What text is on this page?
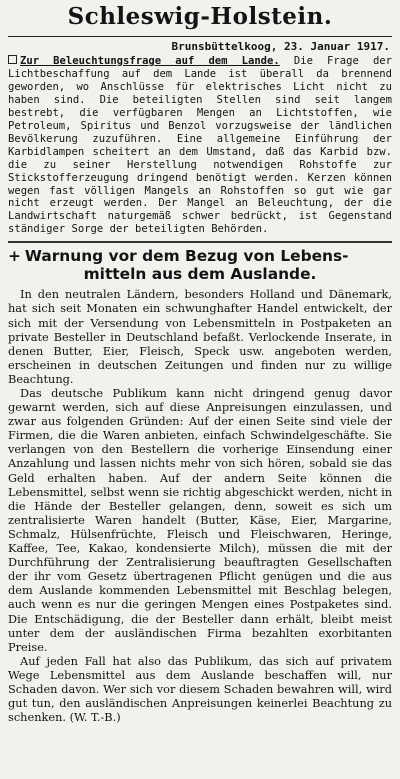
Schleswig-Holstein.
Brunsbüttelkoog, 23. Januar 1917.
Zur Beleuchtungsfrage auf dem Lande. Die Frage der Lichtbeschaffung auf dem Lande ist überall da brennend geworden, wo Anschlüsse für elektrisches Licht nicht zu haben sind. Die beteiligten Stellen sind seit langem bestrebt, die verfügbaren Mengen an Lichtstoffen, wie Petroleum, Spiritus und Benzol vorzugsweise der ländlichen Bevölkerung zuzuführen. Eine allgemeine Einführung der Karbidlampen scheitert an dem Umstand, daß das Karbid bzw. die zu seiner Herstellung notwendigen Rohstoffe zur Stickstofferzeugung dringend benötigt werden. Kerzen können wegen fast völligen Mangels an Rohstoffen so gut wie gar nicht erzeugt werden. Der Mangel an Beleuchtung, der die Landwirtschaft naturgemäß schwer bedrückt, ist Gegenstand ständiger Sorge der beteiligten Behörden.
+ Warnung vor dem Bezug von Lebens-
mitteln aus dem Auslande.

In den neutralen Ländern, besonders Holland und Dänemark, hat sich seit Monaten ein schwunghafter Handel entwickelt, der sich mit der Versendung von Lebensmitteln in Postpaketen an private Besteller in Deutschland befaßt. Verlockende Inserate, in denen Butter, Eier, Fleisch, Speck usw. angeboten werden, erscheinen in deutschen Zeitungen und finden nur zu willige Beachtung.

Das deutsche Publikum kann nicht dringend genug davor gewarnt werden, sich auf diese Anpreisungen einzulassen, und zwar aus folgenden Gründen: Auf der einen Seite sind viele der Firmen, die die Waren anbieten, einfach Schwindelgeschäfte. Sie verlangen von den Bestellern die vorherige Einsendung einer Anzahlung und lassen nichts mehr von sich hören, sobald sie das Geld erhalten haben. Auf der andern Seite können die Lebensmittel, selbst wenn sie richtig abgeschickt werden, nicht in die Hände der Besteller gelangen, denn, soweit es sich um zentralisierte Waren handelt (Butter, Käse, Eier, Margarine, Schmalz, Hülsenfrüchte, Fleisch und Fleischwaren, Heringe, Kaffee, Tee, Kakao, kondensierte Milch), müssen die mit der Durchführung der Zentralisierung beauftragten Gesellschaften der ihr vom Gesetz übertragenen Pflicht genügen und die aus dem Auslande kommenden Lebensmittel mit Beschlag belegen, auch wenn es nur die geringen Mengen eines Postpaketes sind. Die Entschädigung, die der Besteller dann erhält, bleibt meist unter dem der ausländischen Firma bezahlten exorbitanten Preise.

Auf jeden Fall hat also das Publikum, das sich auf privatem Wege Lebensmittel aus dem Auslande beschaffen will, nur Schaden davon. Wer sich vor diesem Schaden bewahren will, wird gut tun, den ausländischen Anpreisungen keinerlei Beachtung zu schenken. (W. T.-B.)
